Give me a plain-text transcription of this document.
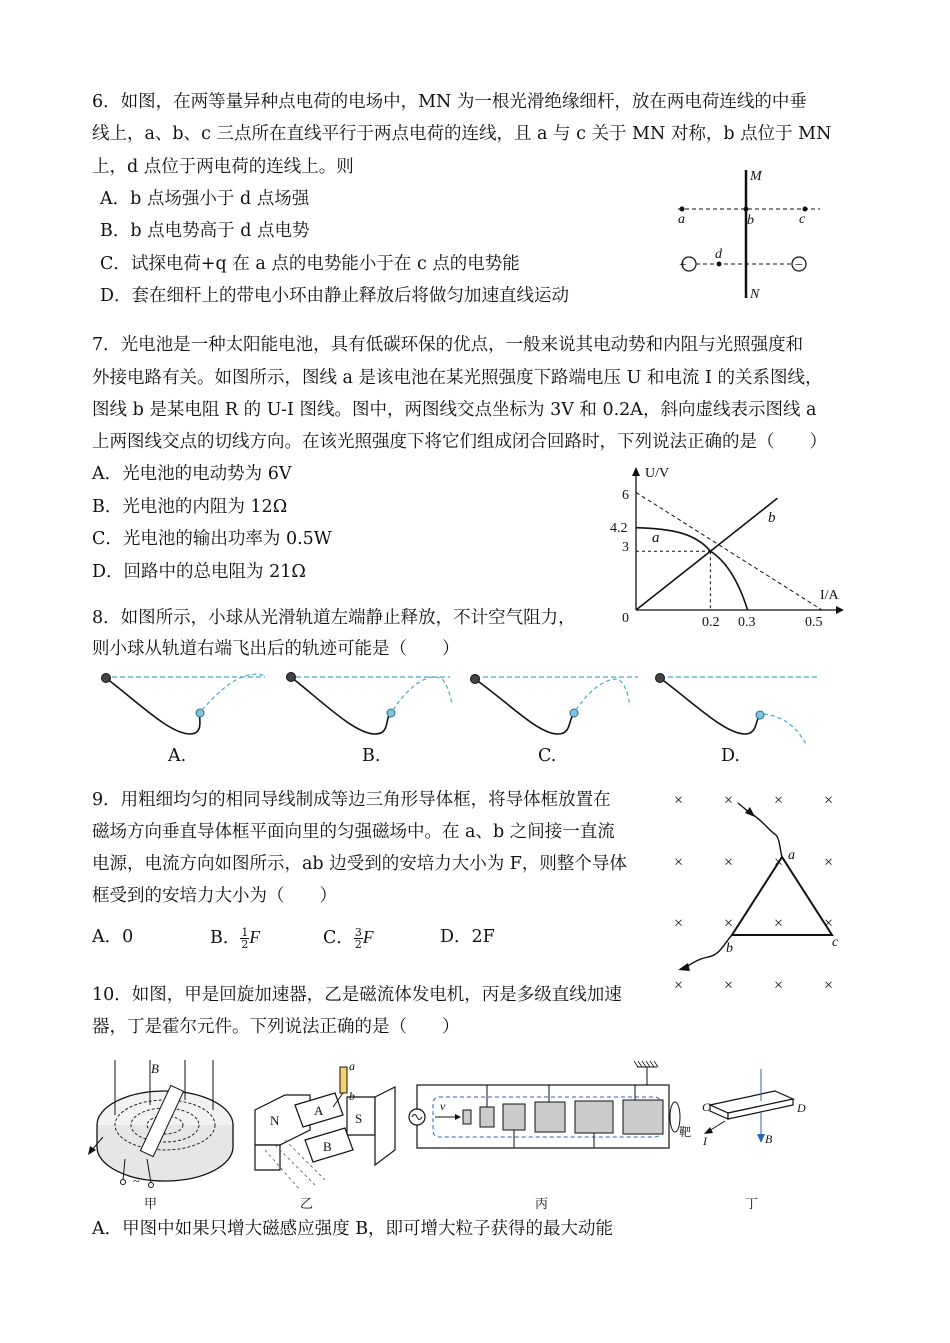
6．如图，在两等量异种点电荷的电场中，MN 为一根光滑绝缘细杆，放在两电荷连线的中垂
线上，a、b、c 三点所在直线平行于两点电荷的连线，且 a 与 c 关于 MN 对称，b 点位于 MN
上，d 点位于两电荷的连线上。则
A．b 点场强小于 d 点场强
B．b 点电势高于 d 点电势
C．试探电荷+q 在 a 点的电势能小于在 c 点的电势能
D．套在细杆上的带电小环由静止释放后将做匀加速直线运动
+	−
M
N
a	b	c
d
7．光电池是一种太阳能电池，具有低碳环保的优点，一般来说其电动势和内阻与光照强度和
外接电路有关。如图所示，图线 a 是该电池在某光照强度下路端电压 U 和电流 I 的关系图线，
图线 b 是某电阻 R 的 U-I 图线。图中，两图线交点坐标为 3V 和 0.2A，斜向虚线表示图线 a
上两图线交点的切线方向。在该光照强度下将它们组成闭合回路时，下列说法正确的是（　　）
A．光电池的电动势为 6V
B．光电池的内阻为 12Ω
C．光电池的输出功率为 0.5W
D．回路中的总电阻为 21Ω
U/V
I/A
0
6
4.2
3
0.2 0.3	0.5
a
b
8．如图所示，小球从光滑轨道左端静止释放，不计空气阻力，
则小球从轨道右端飞出后的轨迹可能是（　　）
A.	B.	C.	D.
9．用粗细均匀的相同导线制成等边三角形导体框，将导体框放置在
磁场方向垂直导体框平面向里的匀强磁场中。在 a、b 之间接一直流
电源，电流方向如图所示，ab 边受到的安培力大小为 F，则整个导体
框受到的安培力大小为（　　）
A．0	B． $\frac{1}{2}$ F	C． $\frac{3}{2}$ F	D．2F
×	×	×	×
×	×	×	×
×	×	×	×
×	×	×	×
a
b	c
10．如图，甲是回旋加速器，乙是磁流体发电机，丙是多级直线加速
器，丁是霍尔元件。下列说法正确的是（　　）
B
~
N
A
S
B
a
b
v
靶
C	D
I	B
甲	乙	丙	丁
A．甲图中如果只增大磁感应强度 B，即可增大粒子获得的最大动能
